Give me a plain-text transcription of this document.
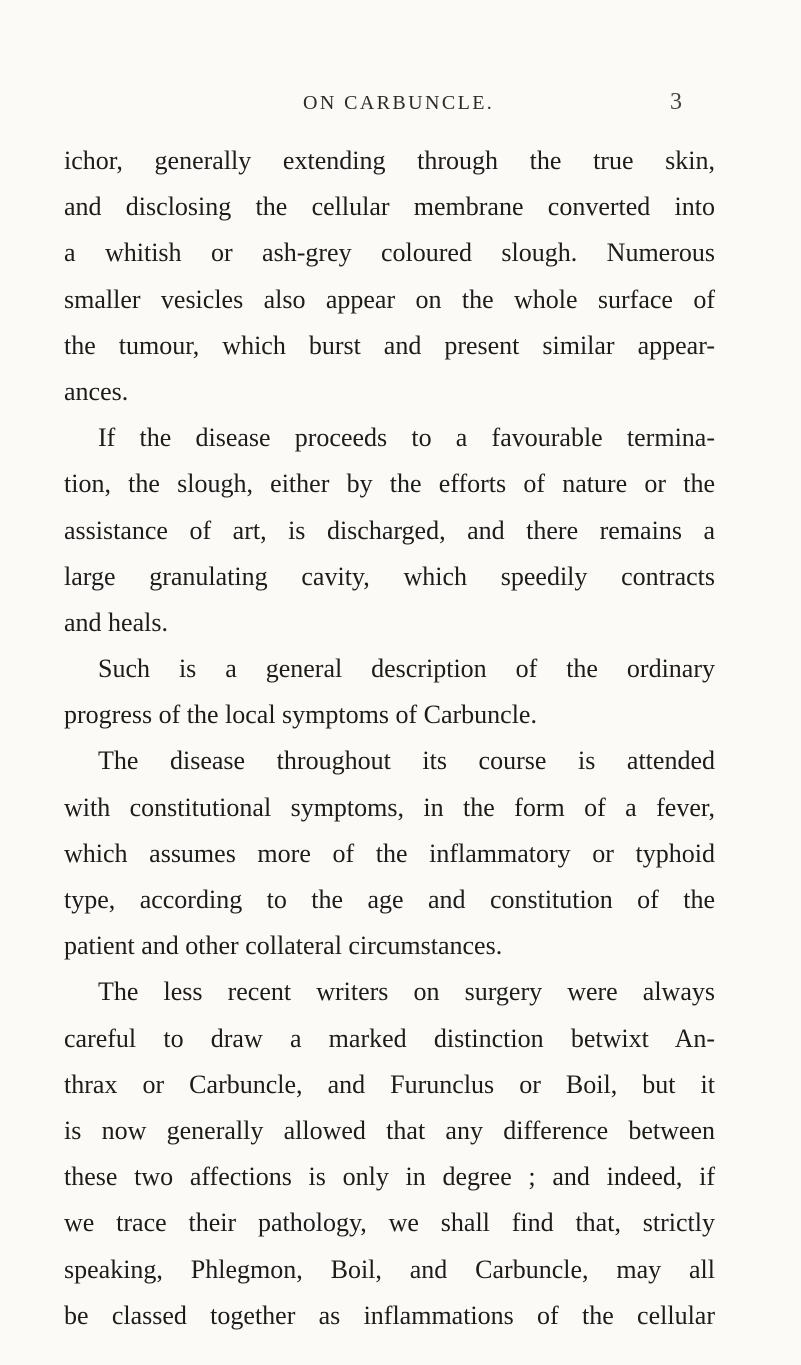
ON CARBUNCLE.	3
ichor, generally extending through the true skin,
and disclosing the cellular membrane converted into
a whitish or ash-grey coloured slough. Numerous
smaller vesicles also appear on the whole surface of
the tumour, which burst and present similar appear-
ances.
If the disease proceeds to a favourable termina-
tion, the slough, either by the efforts of nature or the
assistance of art, is discharged, and there remains a
large granulating cavity, which speedily contracts
and heals.
Such is a general description of the ordinary
progress of the local symptoms of Carbuncle.
The disease throughout its course is attended
with constitutional symptoms, in the form of a fever,
which assumes more of the inflammatory or typhoid
type, according to the age and constitution of the
patient and other collateral circumstances.
The less recent writers on surgery were always
careful to draw a marked distinction betwixt An-
thrax or Carbuncle, and Furunclus or Boil, but it
is now generally allowed that any difference between
these two affections is only in degree ; and indeed, if
we trace their pathology, we shall find that, strictly
speaking, Phlegmon, Boil, and Carbuncle, may all
be classed together as inflammations of the cellular
